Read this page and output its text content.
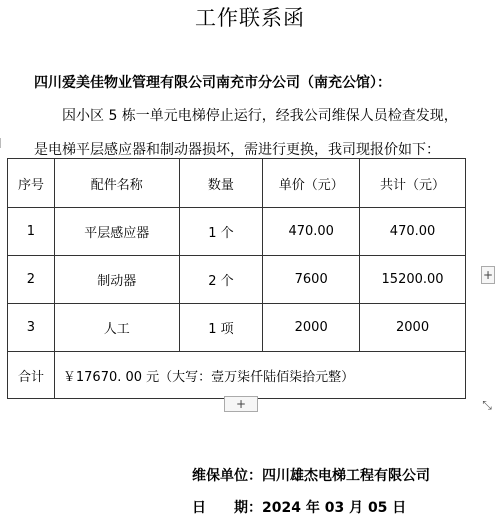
工作联系函
四川爱美佳物业管理有限公司南充市分公司（南充公馆）：
因小区 5 栋一单元电梯停止运行，经我公司维保人员检查发现，
是电梯平层感应器和制动器损坏，需进行更换，我司现报价如下：
序号	配件名称	数量	单价（元）	共计（元）
1	平层感应器	1 个	470.00	470.00
2	制动器	2 个	7600	15200.00
3	人工	1 项	2000	2000
合计	￥17670. 00 元（大写：壹万柒仟陆佰柒拾元整）			
+
+	⤡
维保单位：四川雄杰电梯工程有限公司
日　　期：2024 年 03 月 05 日
